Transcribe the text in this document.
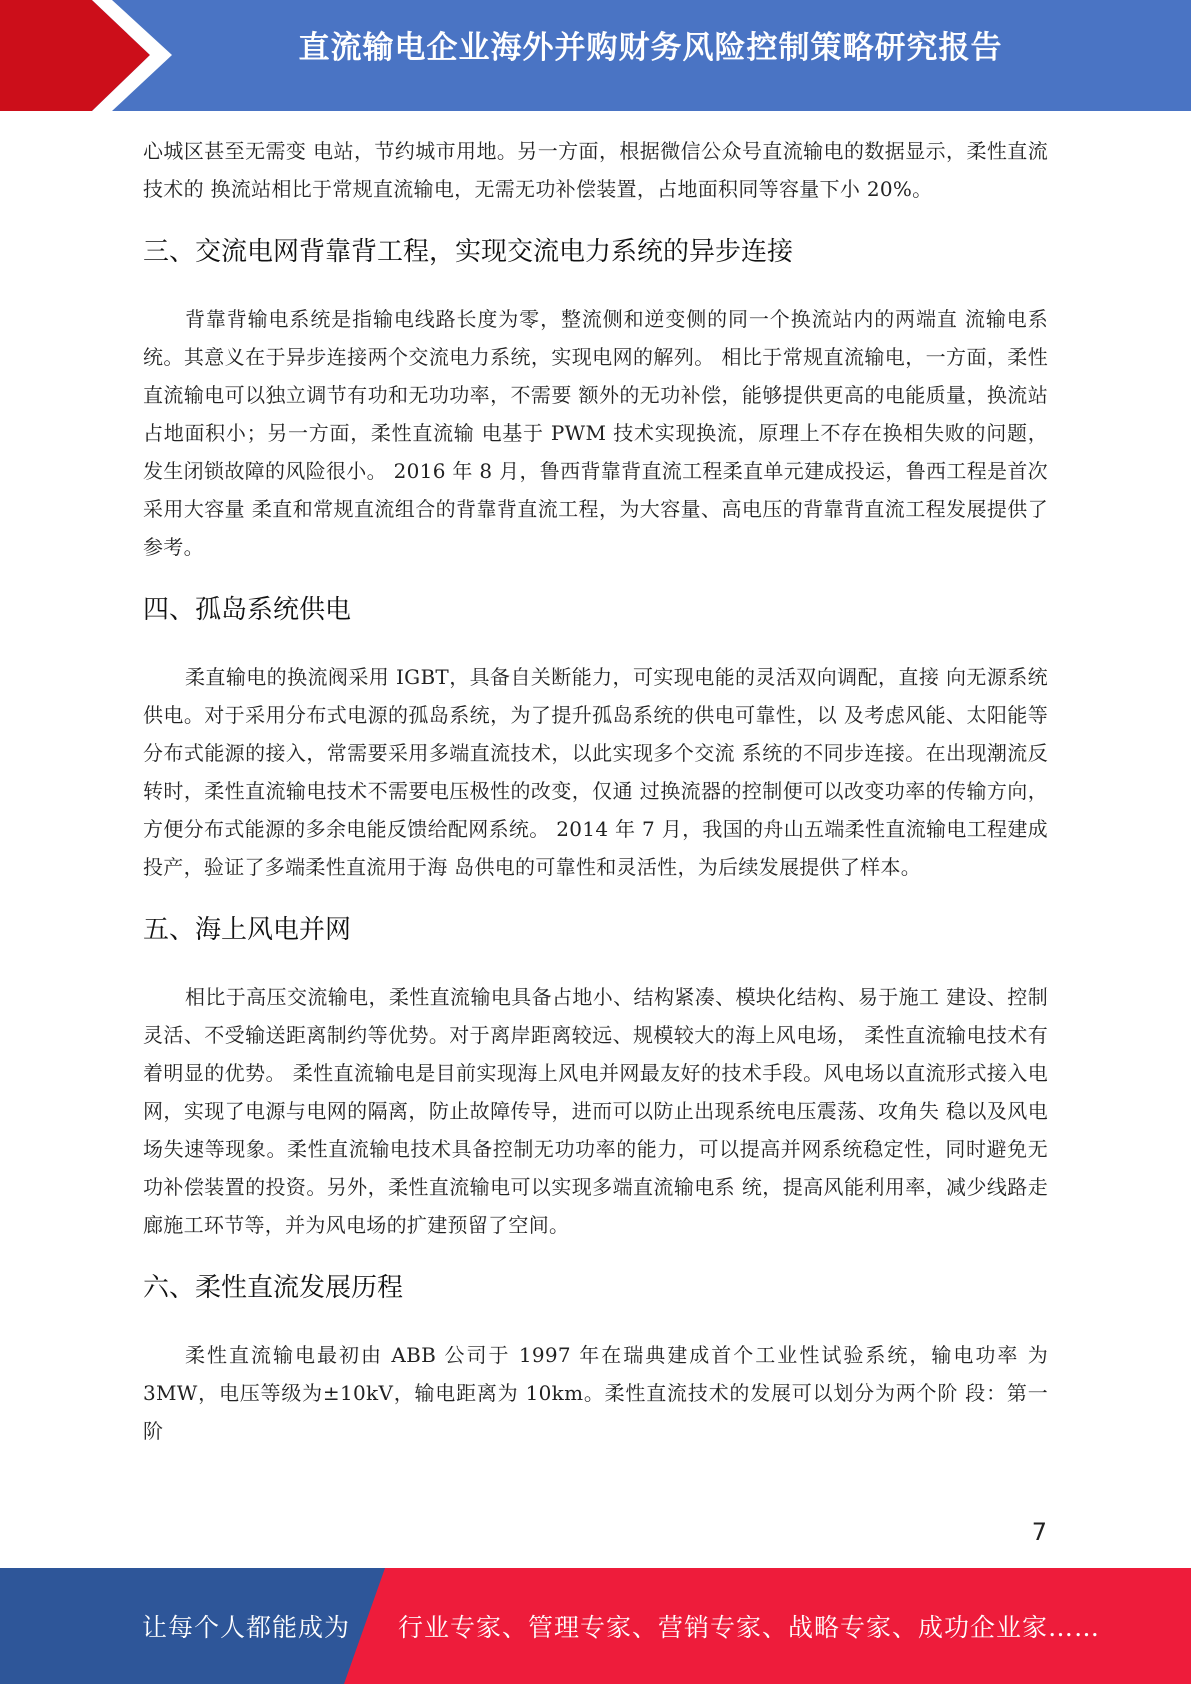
直流输电企业海外并购财务风险控制策略研究报告

心城区甚至无需变 电站，节约城市用地。另一方面，根据微信公众号直流输电的数据显示，柔性直流技术的 换流站相比于常规直流输电，无需无功补偿装置，占地面积同等容量下小 20%。

三、交流电网背靠背工程，实现交流电力系统的异步连接

背靠背输电系统是指输电线路长度为零，整流侧和逆变侧的同一个换流站内的两端直 流输电系统。其意义在于异步连接两个交流电力系统，实现电网的解列。 相比于常规直流输电，一方面，柔性直流输电可以独立调节有功和无功功率，不需要 额外的无功补偿，能够提供更高的电能质量，换流站占地面积小；另一方面，柔性直流输 电基于 PWM 技术实现换流，原理上不存在换相失败的问题，发生闭锁故障的风险很小。 2016 年 8 月，鲁西背靠背直流工程柔直单元建成投运，鲁西工程是首次采用大容量 柔直和常规直流组合的背靠背直流工程，为大容量、高电压的背靠背直流工程发展提供了 参考。

四、孤岛系统供电

柔直输电的换流阀采用 IGBT，具备自关断能力，可实现电能的灵活双向调配，直接 向无源系统供电。对于采用分布式电源的孤岛系统，为了提升孤岛系统的供电可靠性，以 及考虑风能、太阳能等分布式能源的接入，常需要采用多端直流技术，以此实现多个交流 系统的不同步连接。在出现潮流反转时，柔性直流输电技术不需要电压极性的改变，仅通 过换流器的控制便可以改变功率的传输方向，方便分布式能源的多余电能反馈给配网系统。 2014 年 7 月，我国的舟山五端柔性直流输电工程建成投产，验证了多端柔性直流用于海 岛供电的可靠性和灵活性，为后续发展提供了样本。

五、海上风电并网

相比于高压交流输电，柔性直流输电具备占地小、结构紧凑、模块化结构、易于施工 建设、控制灵活、不受输送距离制约等优势。对于离岸距离较远、规模较大的海上风电场， 柔性直流输电技术有着明显的优势。 柔性直流输电是目前实现海上风电并网最友好的技术手段。风电场以直流形式接入电 网，实现了电源与电网的隔离，防止故障传导，进而可以防止出现系统电压震荡、攻角失 稳以及风电场失速等现象。柔性直流输电技术具备控制无功功率的能力，可以提高并网系统稳定性，同时避免无功补偿装置的投资。另外，柔性直流输电可以实现多端直流输电系 统，提高风能利用率，减少线路走廊施工环节等，并为风电场的扩建预留了空间。

六、柔性直流发展历程

柔性直流输电最初由 ABB 公司于 1997 年在瑞典建成首个工业性试验系统，输电功率 为 3MW，电压等级为±10kV，输电距离为 10km。柔性直流技术的发展可以划分为两个阶 段：第一阶

7
让每个人都能成为 行业专家、管理专家、营销专家、战略专家、成功企业家……
